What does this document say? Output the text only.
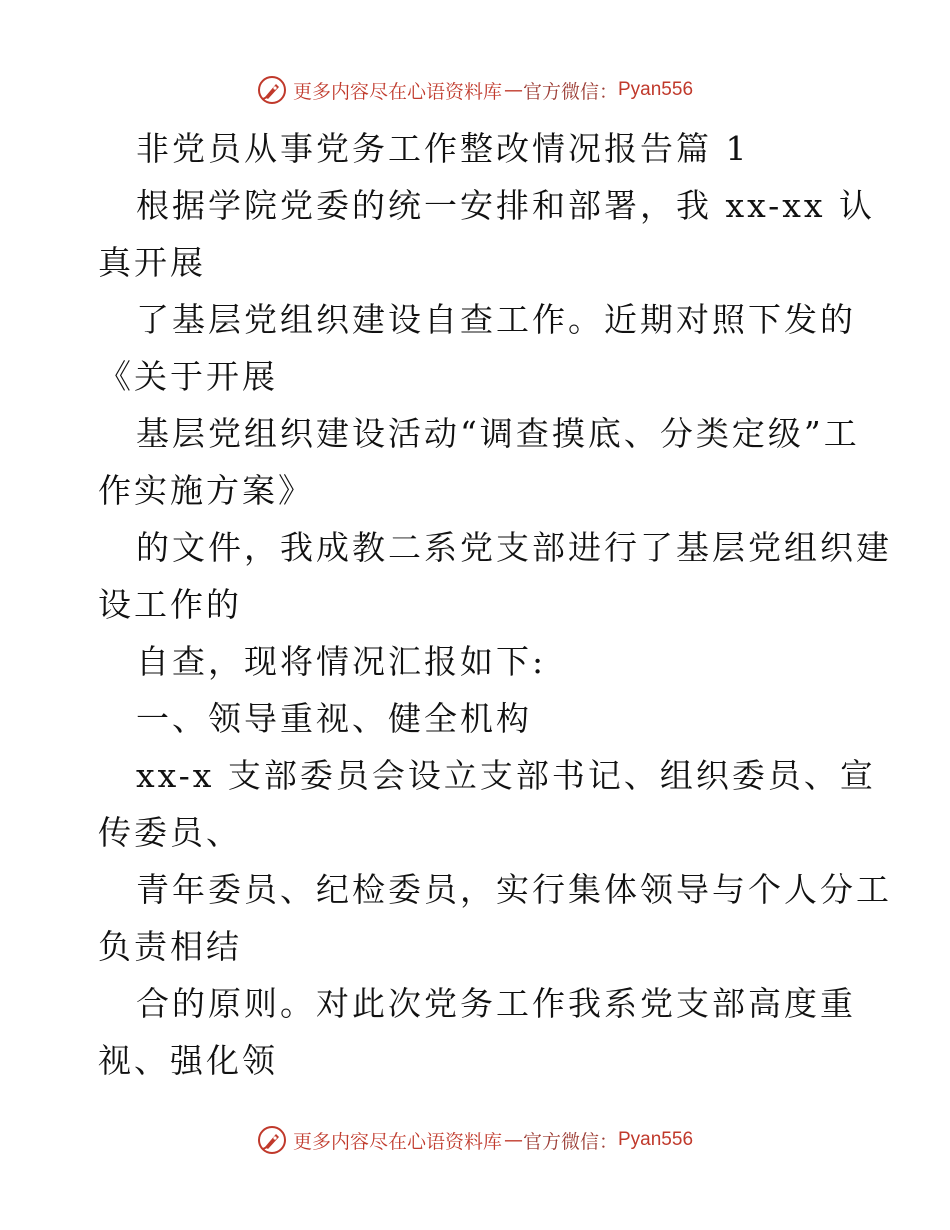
更多内容尽在心语资料库 — 官方微信： Pyan556

非党员从事党务工作整改情况报告篇 1

根据学院党委的统一安排和部署，我 xx-xx 认

真开展

了基层党组织建设自查工作。近期对照下发的

《关于开展

基层党组织建设活动“调查摸底、分类定级”工

作实施方案》

的文件，我成教二系党支部进行了基层党组织建

设工作的

自查，现将情况汇报如下:

一、领导重视、健全机构

xx-x 支部委员会设立支部书记、组织委员、宣

传委员、

青年委员、纪检委员，实行集体领导与个人分工

负责相结

合的原则。对此次党务工作我系党支部高度重

视、强化领

更多内容尽在心语资料库 — 官方微信： Pyan556
